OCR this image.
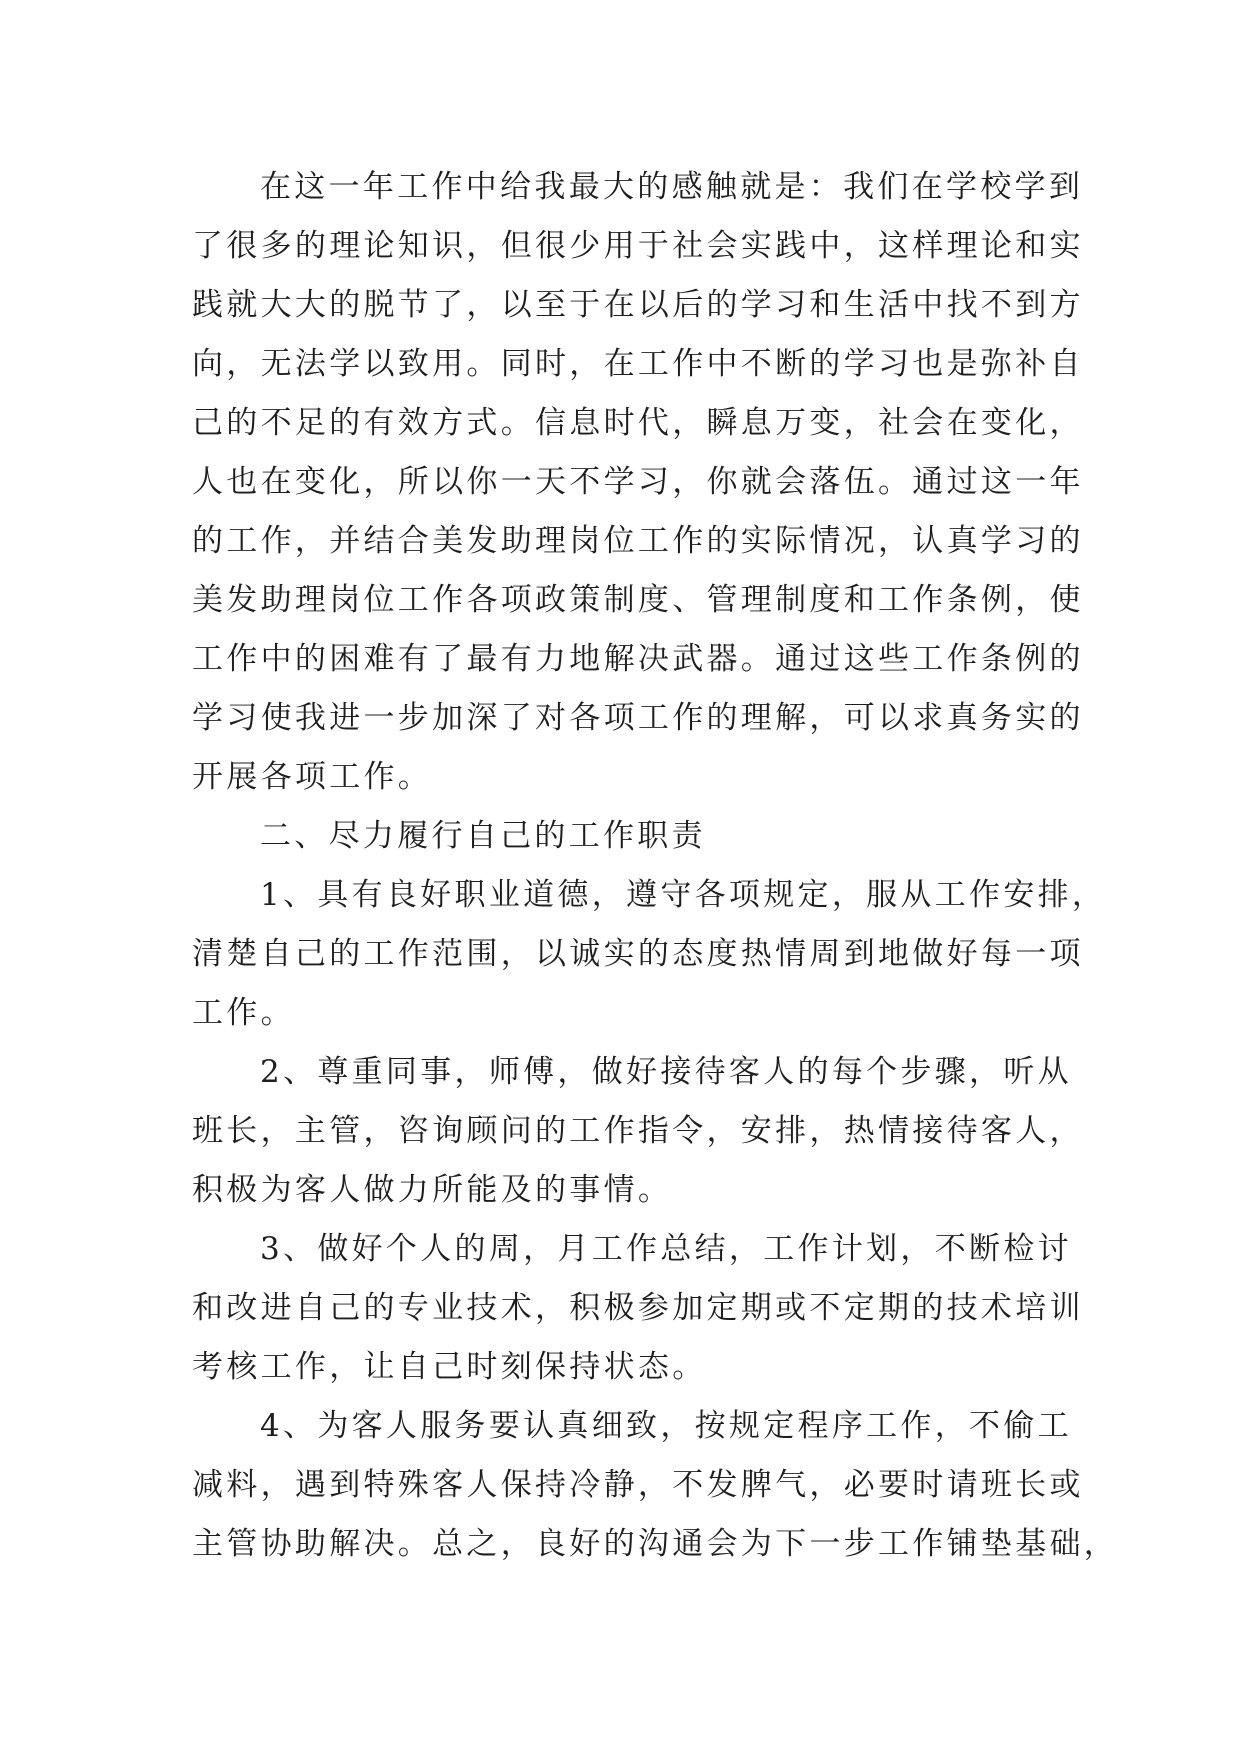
在这一年工作中给我最大的感触就是：我们在学校学到
了很多的理论知识，但很少用于社会实践中，这样理论和实
践就大大的脱节了，以至于在以后的学习和生活中找不到方
向，无法学以致用。同时，在工作中不断的学习也是弥补自
己的不足的有效方式。信息时代，瞬息万变，社会在变化，
人也在变化，所以你一天不学习，你就会落伍。通过这一年
的工作，并结合美发助理岗位工作的实际情况，认真学习的
美发助理岗位工作各项政策制度、管理制度和工作条例，使
工作中的困难有了最有力地解决武器。通过这些工作条例的
学习使我进一步加深了对各项工作的理解，可以求真务实的
开展各项工作。
二、尽力履行自己的工作职责
1、具有良好职业道德，遵守各项规定，服从工作安排，
清楚自己的工作范围，以诚实的态度热情周到地做好每一项
工作。
2、尊重同事，师傅，做好接待客人的每个步骤，听从
班长，主管，咨询顾问的工作指令，安排，热情接待客人，
积极为客人做力所能及的事情。
3、做好个人的周，月工作总结，工作计划，不断检讨
和改进自己的专业技术，积极参加定期或不定期的技术培训
考核工作，让自己时刻保持状态。
4、为客人服务要认真细致，按规定程序工作，不偷工
减料，遇到特殊客人保持冷静，不发脾气，必要时请班长或
主管协助解决。总之，良好的沟通会为下一步工作铺垫基础，
